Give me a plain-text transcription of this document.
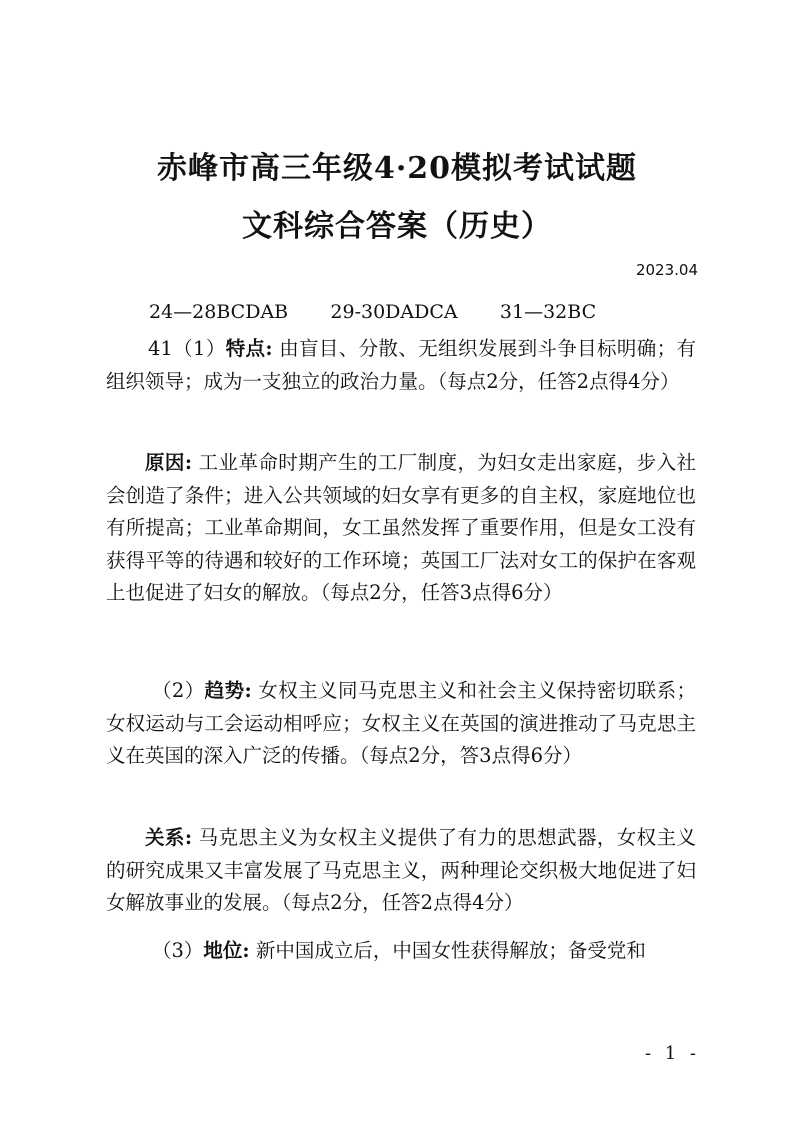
赤峰市高三年级4·20模拟考试试题
文科综合答案（历史）
2023.04
24—28BCDAB 29-30DADCA 31—32BC
41（1）特点: 由盲目、分散、无组织发展到斗争目标明确；有组织领导；成为一支独立的政治力量。（每点2分，任答2点得4分）
原因: 工业革命时期产生的工厂制度，为妇女走出家庭，步入社会创造了条件；进入公共领域的妇女享有更多的自主权，家庭地位也有所提高；工业革命期间，女工虽然发挥了重要作用，但是女工没有获得平等的待遇和较好的工作环境；英国工厂法对女工的保护在客观上也促进了妇女的解放。（每点2分，任答3点得6分）
（2）趋势: 女权主义同马克思主义和社会主义保持密切联系；女权运动与工会运动相呼应；女权主义在英国的演进推动了马克思主义在英国的深入广泛的传播。（每点2分，答3点得6分）
关系: 马克思主义为女权主义提供了有力的思想武器，女权主义的研究成果又丰富发展了马克思主义，两种理论交织极大地促进了妇女解放事业的发展。（每点2分，任答2点得4分）
（3）地位: 新中国成立后，中国女性获得解放；备受党和
- 1 -
